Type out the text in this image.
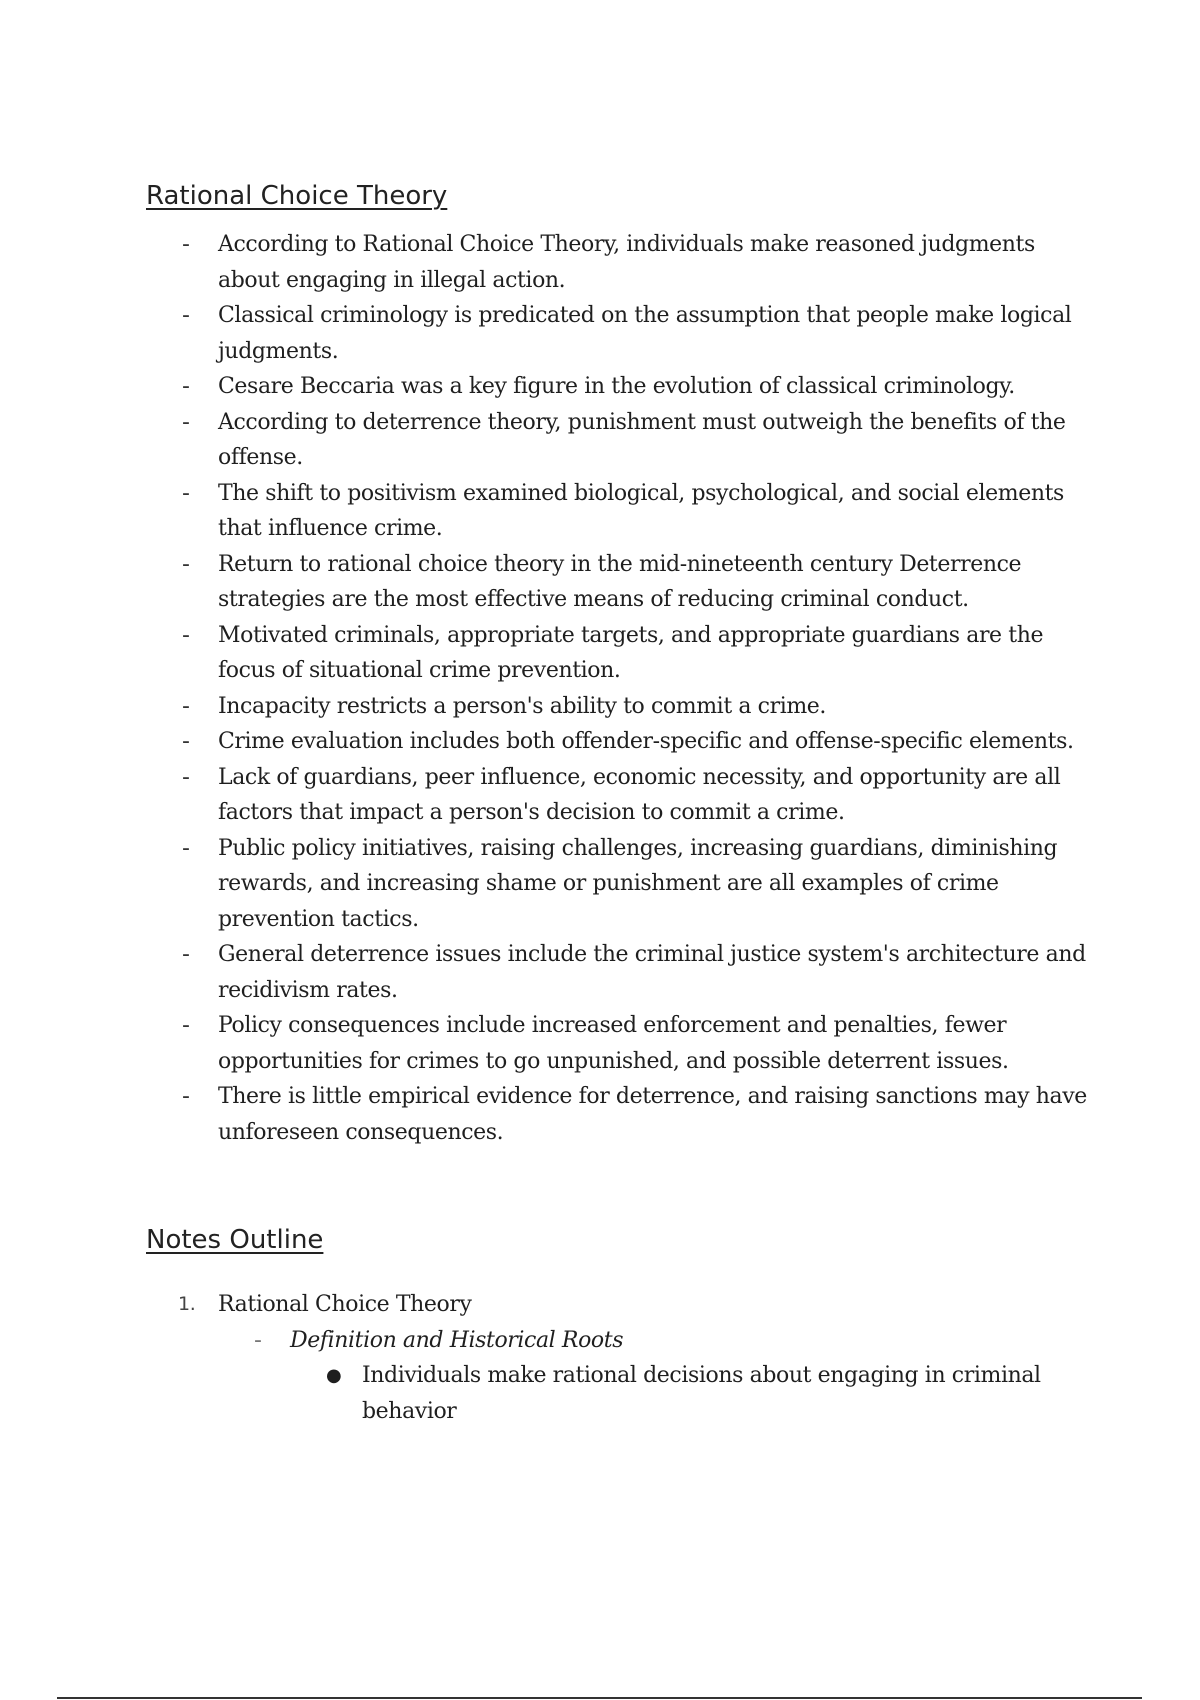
Rational Choice Theory
- According to Rational Choice Theory, individuals make reasoned judgments about engaging in illegal action.
- Classical criminology is predicated on the assumption that people make logical judgments.
- Cesare Beccaria was a key figure in the evolution of classical criminology.
- According to deterrence theory, punishment must outweigh the benefits of the offense.
- The shift to positivism examined biological, psychological, and social elements that influence crime.
- Return to rational choice theory in the mid-nineteenth century Deterrence strategies are the most effective means of reducing criminal conduct.
- Motivated criminals, appropriate targets, and appropriate guardians are the focus of situational crime prevention.
- Incapacity restricts a person's ability to commit a crime.
- Crime evaluation includes both offender-specific and offense-specific elements.
- Lack of guardians, peer influence, economic necessity, and opportunity are all factors that impact a person's decision to commit a crime.
- Public policy initiatives, raising challenges, increasing guardians, diminishing rewards, and increasing shame or punishment are all examples of crime prevention tactics.
- General deterrence issues include the criminal justice system's architecture and recidivism rates.
- Policy consequences include increased enforcement and penalties, fewer opportunities for crimes to go unpunished, and possible deterrent issues.
- There is little empirical evidence for deterrence, and raising sanctions may have unforeseen consequences.
Notes Outline
1. Rational Choice Theory
- Definition and Historical Roots
● Individuals make rational decisions about engaging in criminal behavior
